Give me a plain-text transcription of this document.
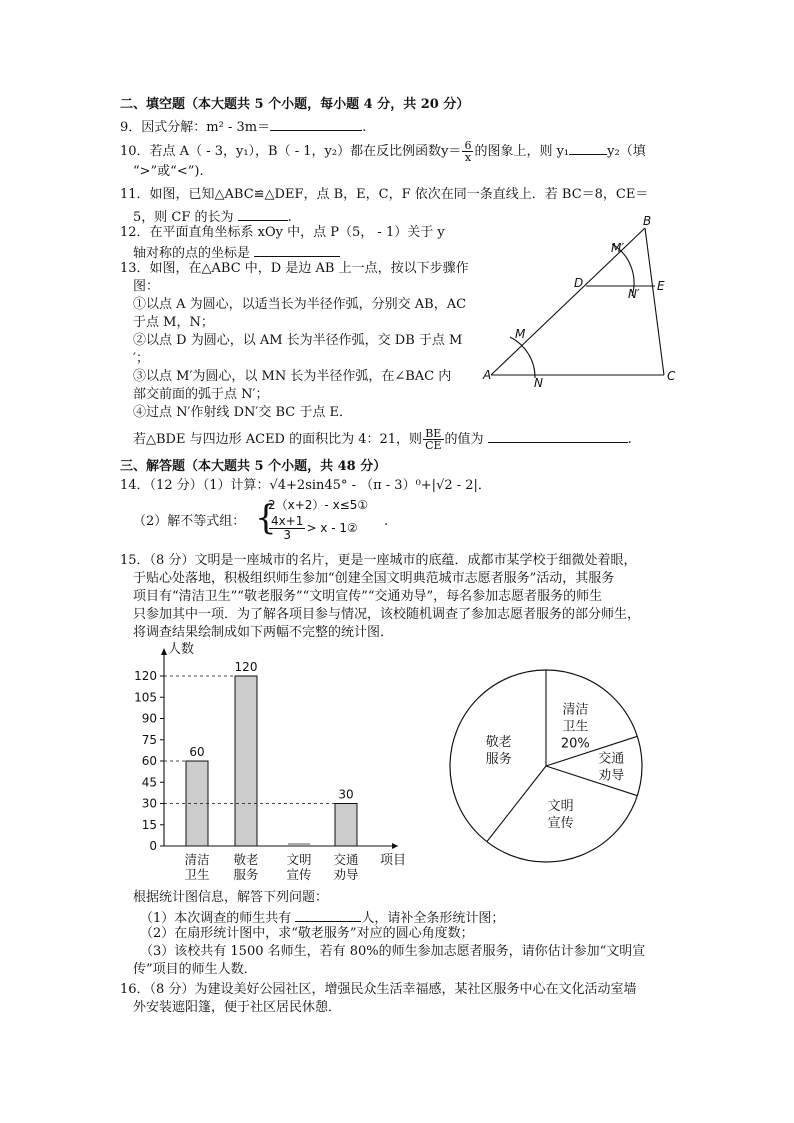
二、填空题（本大题共 5 个小题，每小题 4 分，共 20 分）
9．因式分解：m² - 3m＝	.
10．若点 A（ - 3，y₁），B（ - 1，y₂）都在反比例函数$y= \frac{6}{x}$ 的图象上，则 y₁	y₂（填
“>”或“<”).
11．如图，已知△ABC≌△DEF，点 B，E，C，F 依次在同一条直线上．若 BC＝8，CE＝
5，则 CF 的长为	.
12．在平面直角坐标系 xOy 中，点 P（5， - 1）关于 y
轴对称的点的坐标是
13．如图，在△ABC 中，D 是边 AB 上一点，按以下步骤作
图：
①以点 A 为圆心，以适当长为半径作弧，分别交 AB，AC
于点 M，N；
②以点 D 为圆心，以 AM 长为半径作弧，交 DB 于点 M
′；
③以点 M′为圆心，以 MN 长为半径作弧，在∠BAC 内
部交前面的弧于点 N′；
④过点 N′作射线 DN′交 BC 于点 E．
若△BDE 与四边形 ACED 的面积比为 4：21，则 $\frac{BE}{CE}$ 的值为	.
B
A	C
D	E
M
N
M′
N′
三、解答题（本大题共 5 个小题，共 48 分）
14．（12 分）（1）计算：√4+2sin45° - （π - 3）⁰+|√2 - 2|．
（2）解不等式组： {
2（x+2）- x≤5①
$\frac{4x+1}{3} > x$ - 1② .
15．（8 分）文明是一座城市的名片，更是一座城市的底蕴．成都市某学校于细微处着眼，
于贴心处落地，积极组织师生参加“创建全国文明典范城市志愿者服务”活动，其服务
项目有“清洁卫生”“敬老服务”“文明宣传”“交通劝导”，每名参加志愿者服务的师生
只参加其中一项．为了解各项目参与情况，该校随机调查了参加志愿者服务的部分师生，
将调查结果绘制成如下两幅不完整的统计图．
人数
项目
0
15
30
45
60
75
90
105
120
60
清洁
卫生
120
敬老
服务
文明
宣传
30
交通
劝导
清洁
卫生
20%
交通
劝导
文明
宣传
敬老
服务
根据统计图信息，解答下列问题：
（1）本次调查的师生共有	人，请补全条形统计图；
（2）在扇形统计图中，求“敬老服务”对应的圆心角度数；
（3）该校共有 1500 名师生，若有 80%的师生参加志愿者服务，请你估计参加“文明宣
传”项目的师生人数．
16．（8 分）为建设美好公园社区，增强民众生活幸福感，某社区服务中心在文化活动室墙
外安装遮阳篷，便于社区居民休憩．
